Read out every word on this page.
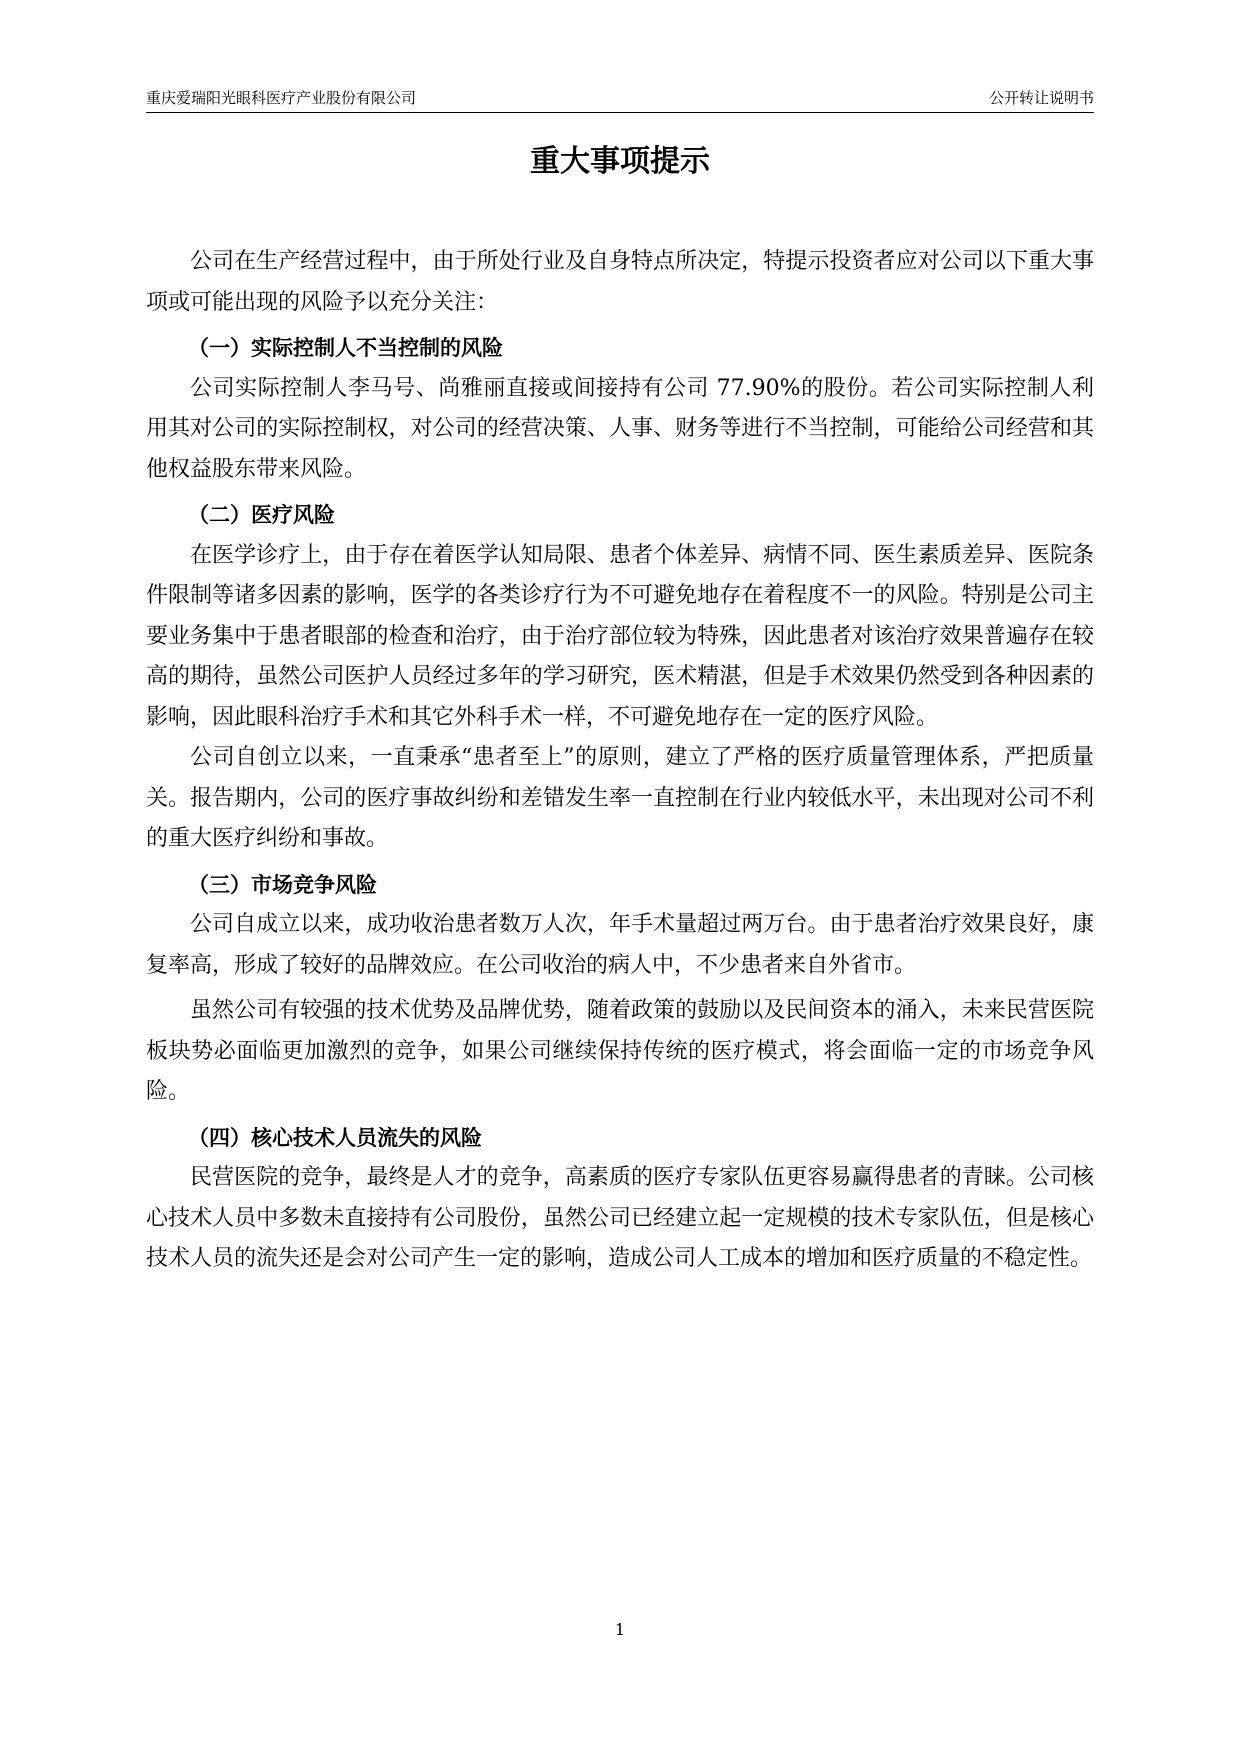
重庆爱瑞阳光眼科医疗产业股份有限公司	公开转让说明书
重大事项提示

公司在生产经营过程中，由于所处行业及自身特点所决定，特提示投资者应对公司以下重大事项或可能出现的风险予以充分关注：

（一）实际控制人不当控制的风险

公司实际控制人李马号、尚雅丽直接或间接持有公司 77.90%的股份。若公司实际控制人利用其对公司的实际控制权，对公司的经营决策、人事、财务等进行不当控制，可能给公司经营和其他权益股东带来风险。

（二）医疗风险

在医学诊疗上，由于存在着医学认知局限、患者个体差异、病情不同、医生素质差异、医院条件限制等诸多因素的影响，医学的各类诊疗行为不可避免地存在着程度不一的风险。特别是公司主要业务集中于患者眼部的检查和治疗，由于治疗部位较为特殊，因此患者对该治疗效果普遍存在较高的期待，虽然公司医护人员经过多年的学习研究，医术精湛，但是手术效果仍然受到各种因素的影响，因此眼科治疗手术和其它外科手术一样，不可避免地存在一定的医疗风险。

公司自创立以来，一直秉承“患者至上”的原则，建立了严格的医疗质量管理体系，严把质量关。报告期内，公司的医疗事故纠纷和差错发生率一直控制在行业内较低水平，未出现对公司不利的重大医疗纠纷和事故。

（三）市场竞争风险

公司自成立以来，成功收治患者数万人次，年手术量超过两万台。由于患者治疗效果良好，康复率高，形成了较好的品牌效应。在公司收治的病人中，不少患者来自外省市。

虽然公司有较强的技术优势及品牌优势，随着政策的鼓励以及民间资本的涌入，未来民营医院板块势必面临更加激烈的竞争，如果公司继续保持传统的医疗模式，将会面临一定的市场竞争风险。

（四）核心技术人员流失的风险

民营医院的竞争，最终是人才的竞争，高素质的医疗专家队伍更容易赢得患者的青睐。公司核心技术人员中多数未直接持有公司股份，虽然公司已经建立起一定规模的技术专家队伍，但是核心技术人员的流失还是会对公司产生一定的影响，造成公司人工成本的增加和医疗质量的不稳定性。

1
